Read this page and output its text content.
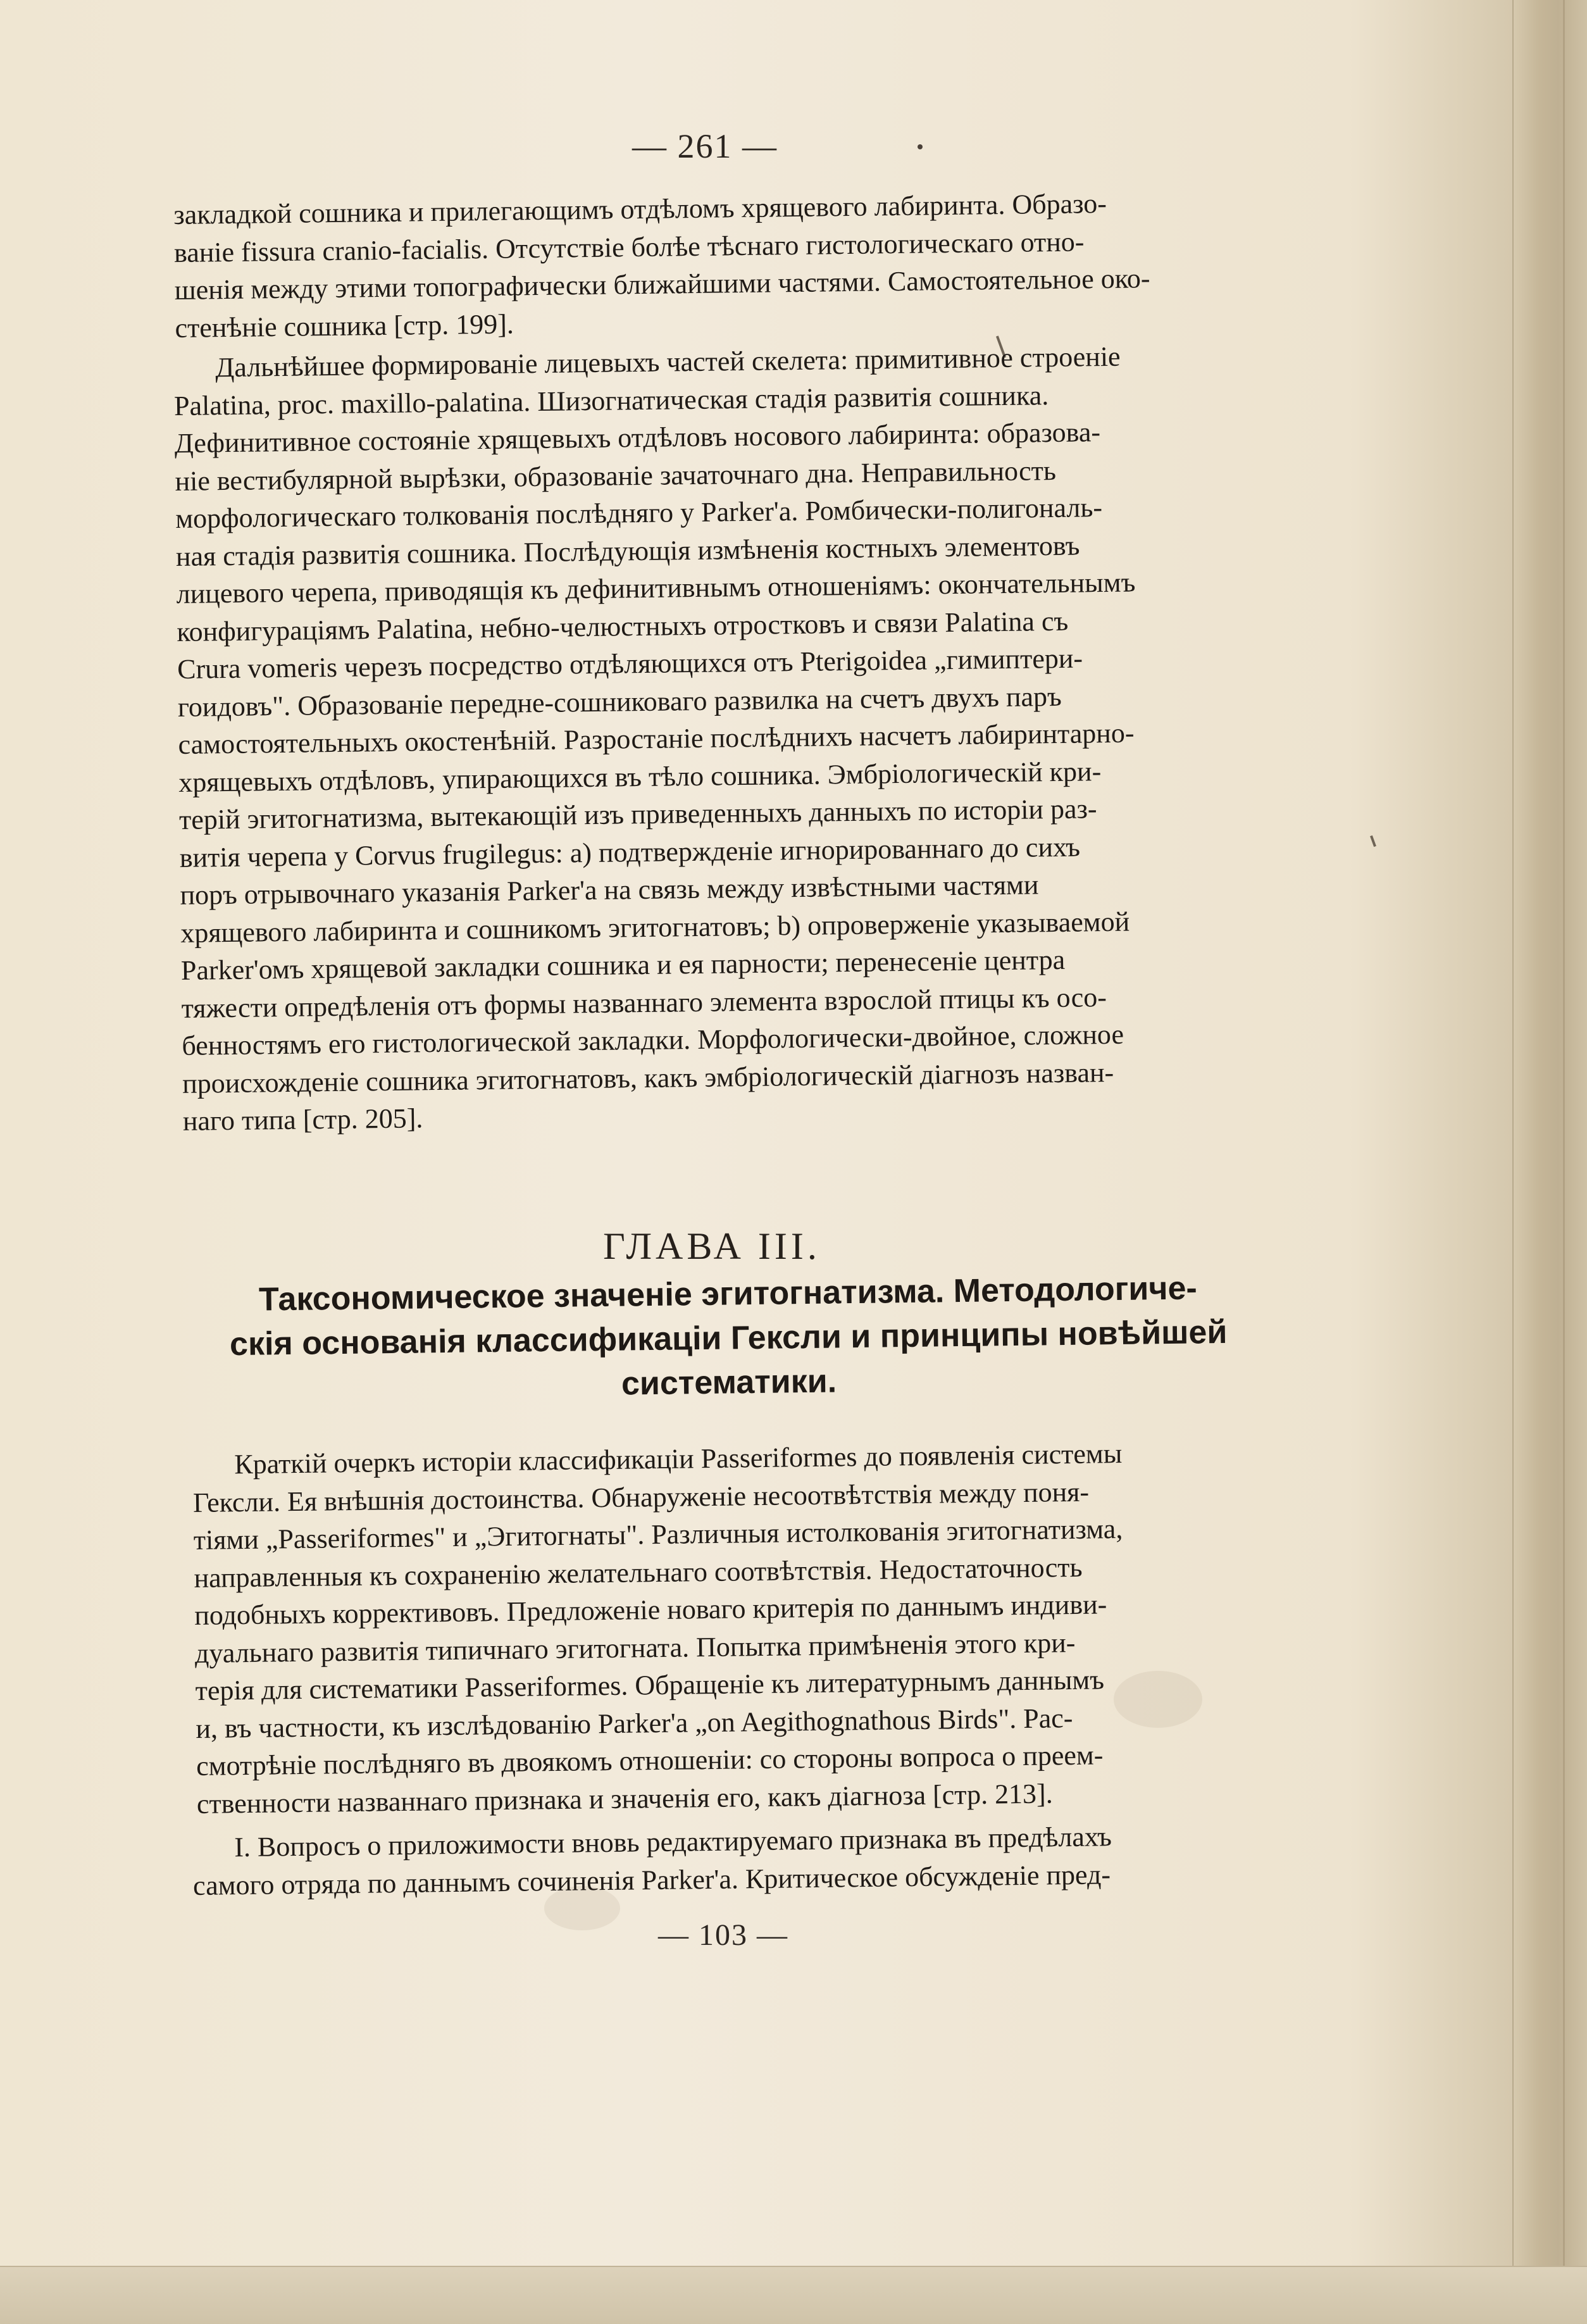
— 261 —

закладкой сошника и прилегающимъ отдѣломъ хрящевого лабиринта. Образо-

ванiе fissura cranio-facialis. Отсутствiе болѣе тѣснаго гистологическаго отно-

шенiя между этими топографически ближайшими частями. Самостоятельное око-

стенѣнiе сошника [стр. 199].

Дальнѣйшее формированiе лицевыхъ частей скелета: примитивное строенiе

Palatina, proc. maxillo-palatina. Шизогнатическая стадiя развитiя сошника.

Дефинитивное состоянiе хрящевыхъ отдѣловъ носового лабиринта: образова-

нiе вестибулярной вырѣзки, образованiе зачаточнаго дна. Неправильность

морфологическаго толкованiя послѣдняго у Parker'а. Ромбически-полигональ-

ная стадiя развитiя сошника. Послѣдующiя измѣненiя костныхъ элементовъ

лицевого черепа, приводящiя къ дефинитивнымъ отношенiямъ: окончательнымъ

конфигурацiямъ Palatina, небно-челюстныхъ отростковъ и связи Palatina съ

Crura vomeris черезъ посредство отдѣляющихся отъ Pterigoidea „гимиптери-

гоидовъ". Образованiе передне-сошниковаго развилка на счетъ двухъ паръ

самостоятельныхъ окостенѣнiй. Разростанiе послѣднихъ насчетъ лабиринтарно-

хрящевыхъ отдѣловъ, упирающихся въ тѣло сошника. Эмбрiологическiй кри-

терiй эгитогнатизма, вытекающiй изъ приведенныхъ данныхъ по исторiи раз-

витiя черепа у Corvus frugilegus: a) подтвержденiе игнорированнаго до сихъ

поръ отрывочнаго указанiя Parker'а на связь между извѣстными частями

хрящевого лабиринта и сошникомъ эгитогнатовъ; b) опроверженiе указываемой

Parker'омъ хрящевой закладки сошника и ея парности; перенесенiе центра

тяжести опредѣленiя отъ формы названнаго элемента взрослой птицы къ осо-

бенностямъ его гистологической закладки. Морфологически-двойное, сложное

происхожденiе сошника эгитогнатовъ, какъ эмбрiологическiй дiагнозъ назван-

наго типа [стр. 205].

ГЛАВА III.
Таксономическое значенiе эгитогнатизма. Методологиче-
скiя основанiя классификацiи Гексли и принципы новѣйшей
систематики.

Краткiй очеркъ исторiи классификацiи Passeriformes до появленiя системы

Гексли. Ея внѣшнiя достоинства. Обнаруженiе несоотвѣтствiя между поня-

тiями „Passeriformes" и „Эгитогнаты". Различныя истолкованiя эгитогнатизма,

направленныя къ сохраненiю желательнаго соотвѣтствiя. Недостаточность

подобныхъ коррективовъ. Предложенiе новаго критерiя по даннымъ индиви-

дуальнаго развитiя типичнаго эгитогната. Попытка примѣненiя этого кри-

терiя для систематики Passeriformes. Обращенiе къ литературнымъ даннымъ

и, въ частности, къ изслѣдованiю Parker'а „on Aegithognathous Birds". Рас-

смотрѣнiе послѣдняго въ двоякомъ отношенiи: со стороны вопроса о преем-

ственности названнаго признака и значенiя его, какъ дiагноза [стр. 213].

I. Вопросъ о приложимости вновь редактируемаго признака въ предѣлахъ

самого отряда по даннымъ сочиненiя Parker'а. Критическое обсужденiе пред-

— 103 —
